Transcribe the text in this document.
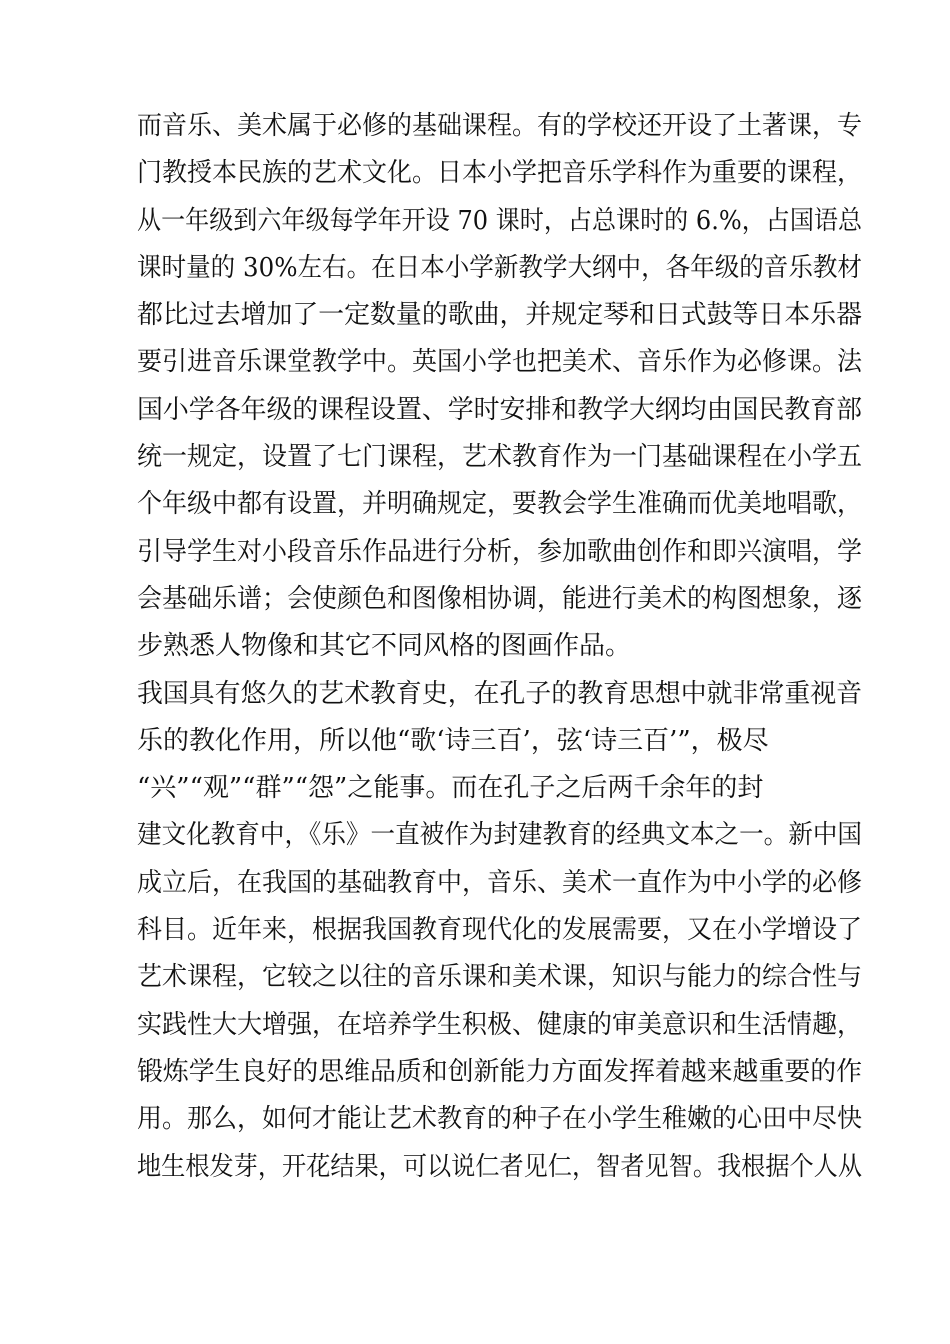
而音乐、美术属于必修的基础课程。有的学校还开设了土著课，专
门教授本民族的艺术文化。日本小学把音乐学科作为重要的课程，
从一年级到六年级每学年开设 70 课时，占总课时的 6.%，占国语总
课时量的 30%左右。在日本小学新教学大纲中，各年级的音乐教材
都比过去增加了一定数量的歌曲，并规定琴和日式鼓等日本乐器
要引进音乐课堂教学中。英国小学也把美术、音乐作为必修课。法
国小学各年级的课程设置、学时安排和教学大纲均由国民教育部
统一规定，设置了七门课程，艺术教育作为一门基础课程在小学五
个年级中都有设置，并明确规定，要教会学生准确而优美地唱歌，
引导学生对小段音乐作品进行分析，参加歌曲创作和即兴演唱，学
会基础乐谱；会使颜色和图像相协调，能进行美术的构图想象，逐
步熟悉人物像和其它不同风格的图画作品。
我国具有悠久的艺术教育史，在孔子的教育思想中就非常重视音
乐的教化作用，所以他“歌‘诗三百’，弦‘诗三百’”，极尽
“兴”“观”“群”“怨”之能事。而在孔子之后两千余年的封
建文化教育中，《乐》一直被作为封建教育的经典文本之一。新中国
成立后，在我国的基础教育中，音乐、美术一直作为中小学的必修
科目。近年来，根据我国教育现代化的发展需要，又在小学增设了
艺术课程，它较之以往的音乐课和美术课，知识与能力的综合性与
实践性大大增强，在培养学生积极、健康的审美意识和生活情趣，
锻炼学生良好的思维品质和创新能力方面发挥着越来越重要的作
用。那么，如何才能让艺术教育的种子在小学生稚嫩的心田中尽快
地生根发芽，开花结果，可以说仁者见仁，智者见智。我根据个人从
